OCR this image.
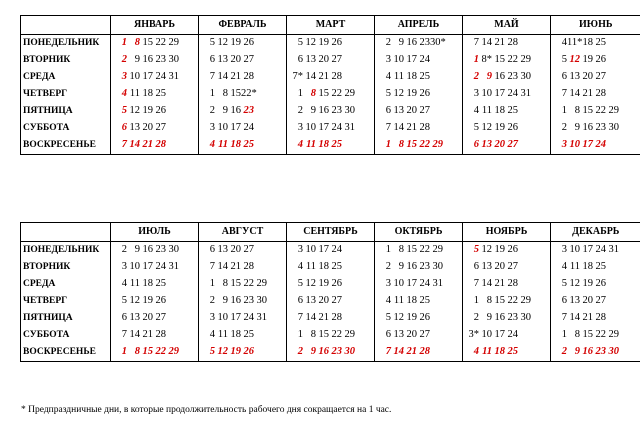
	ЯНВАРЬ	ФЕВРАЛЬ	МАРТ	АПРЕЛЬ	МАЙ	ИЮНЬ
ПОНЕДЕЛЬНИК	1 8 15 22 29	5 12 19 26	5 12 19 26	2 9 16 2330*	7 14 21 28	411*18 25
ВТОРНИК	2 9 16 23 30	6 13 20 27	6 13 20 27	3 10 17 24	1 8* 15 22 29	5 12 19 26
СРЕДА	3 10 17 24 31	7 14 21 28	7* 14 21 28	4 11 18 25	2 9 16 23 30	6 13 20 27
ЧЕТВЕРГ	4 11 18 25	1 8 1522*	1 8 15 22 29	5 12 19 26	3 10 17 24 31	7 14 21 28
ПЯТНИЦА	5 12 19 26	2 9 16 23	2 9 16 23 30	6 13 20 27	4 11 18 25	1 8 15 22 29
СУББОТА	6 13 20 27	3 10 17 24	3 10 17 24 31	7 14 21 28	5 12 19 26	2 9 16 23 30
ВОСКРЕСЕНЬЕ	7 14 21 28	4 11 18 25	4 11 18 25	1 8 15 22 29	6 13 20 27	3 10 17 24
	ИЮЛЬ	АВГУСТ	СЕНТЯБРЬ	ОКТЯБРЬ	НОЯБРЬ	ДЕКАБРЬ
ПОНЕДЕЛЬНИК	2 9 16 23 30	6 13 20 27	3 10 17 24	1 8 15 22 29	5 12 19 26	3 10 17 24 31
ВТОРНИК	3 10 17 24 31	7 14 21 28	4 11 18 25	2 9 16 23 30	6 13 20 27	4 11 18 25
СРЕДА	4 11 18 25	1 8 15 22 29	5 12 19 26	3 10 17 24 31	7 14 21 28	5 12 19 26
ЧЕТВЕРГ	5 12 19 26	2 9 16 23 30	6 13 20 27	4 11 18 25	1 8 15 22 29	6 13 20 27
ПЯТНИЦА	6 13 20 27	3 10 17 24 31	7 14 21 28	5 12 19 26	2 9 16 23 30	7 14 21 28
СУББОТА	7 14 21 28	4 11 18 25	1 8 15 22 29	6 13 20 27	3* 10 17 24	1 8 15 22 29
ВОСКРЕСЕНЬЕ	1 8 15 22 29	5 12 19 26	2 9 16 23 30	7 14 21 28	4 11 18 25	2 9 16 23 30
* Предпраздничные дни, в которые продолжительность рабочего дня сокращается на 1 час.
